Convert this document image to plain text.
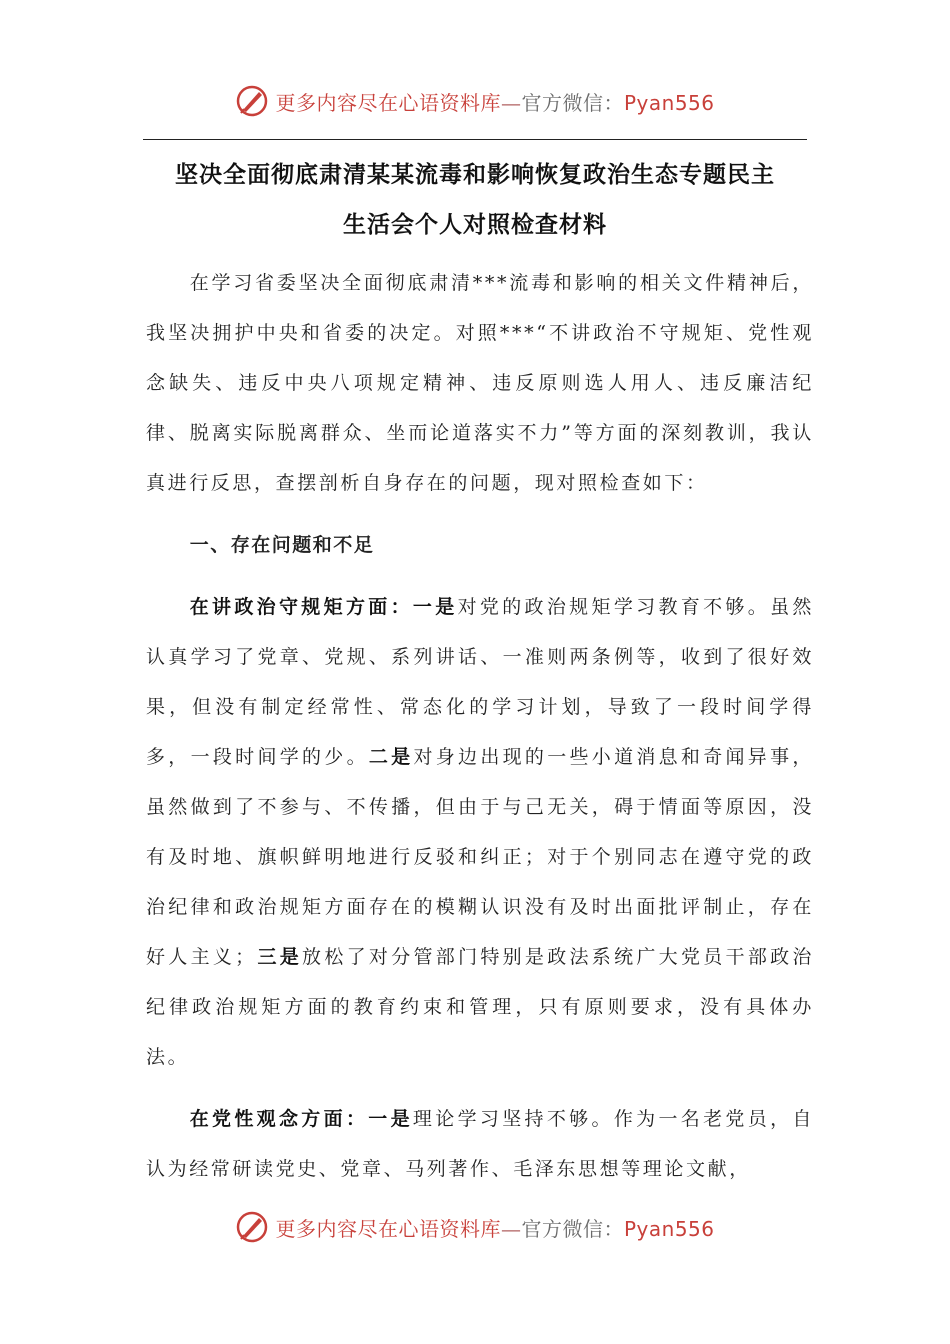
更多内容尽在心语资料库—官方微信：Pyan556
坚决全面彻底肃清某某流毒和影响恢复政治生态专题民主
生活会个人对照检查材料

在学习省委坚决全面彻底肃清***流毒和影响的相关文件精神后，我坚决拥护中央和省委的决定。对照***“不讲政治不守规矩、党性观念缺失、违反中央八项规定精神、违反原则选人用人、违反廉洁纪律、脱离实际脱离群众、坐而论道落实不力”等方面的深刻教训，我认真进行反思，查摆剖析自身存在的问题，现对照检查如下：

一、存在问题和不足

在讲政治守规矩方面：一是对党的政治规矩学习教育不够。虽然认真学习了党章、党规、系列讲话、一准则两条例等，收到了很好效果，但没有制定经常性、常态化的学习计划，导致了一段时间学得多，一段时间学的少。二是对身边出现的一些小道消息和奇闻异事，虽然做到了不参与、不传播，但由于与己无关，碍于情面等原因，没有及时地、旗帜鲜明地进行反驳和纠正；对于个别同志在遵守党的政治纪律和政治规矩方面存在的模糊认识没有及时出面批评制止，存在好人主义；三是放松了对分管部门特别是政法系统广大党员干部政治纪律政治规矩方面的教育约束和管理，只有原则要求，没有具体办法。

在党性观念方面：一是理论学习坚持不够。作为一名老党员，自认为经常研读党史、党章、马列著作、毛泽东思想等理论文献，

更多内容尽在心语资料库—官方微信：Pyan556
